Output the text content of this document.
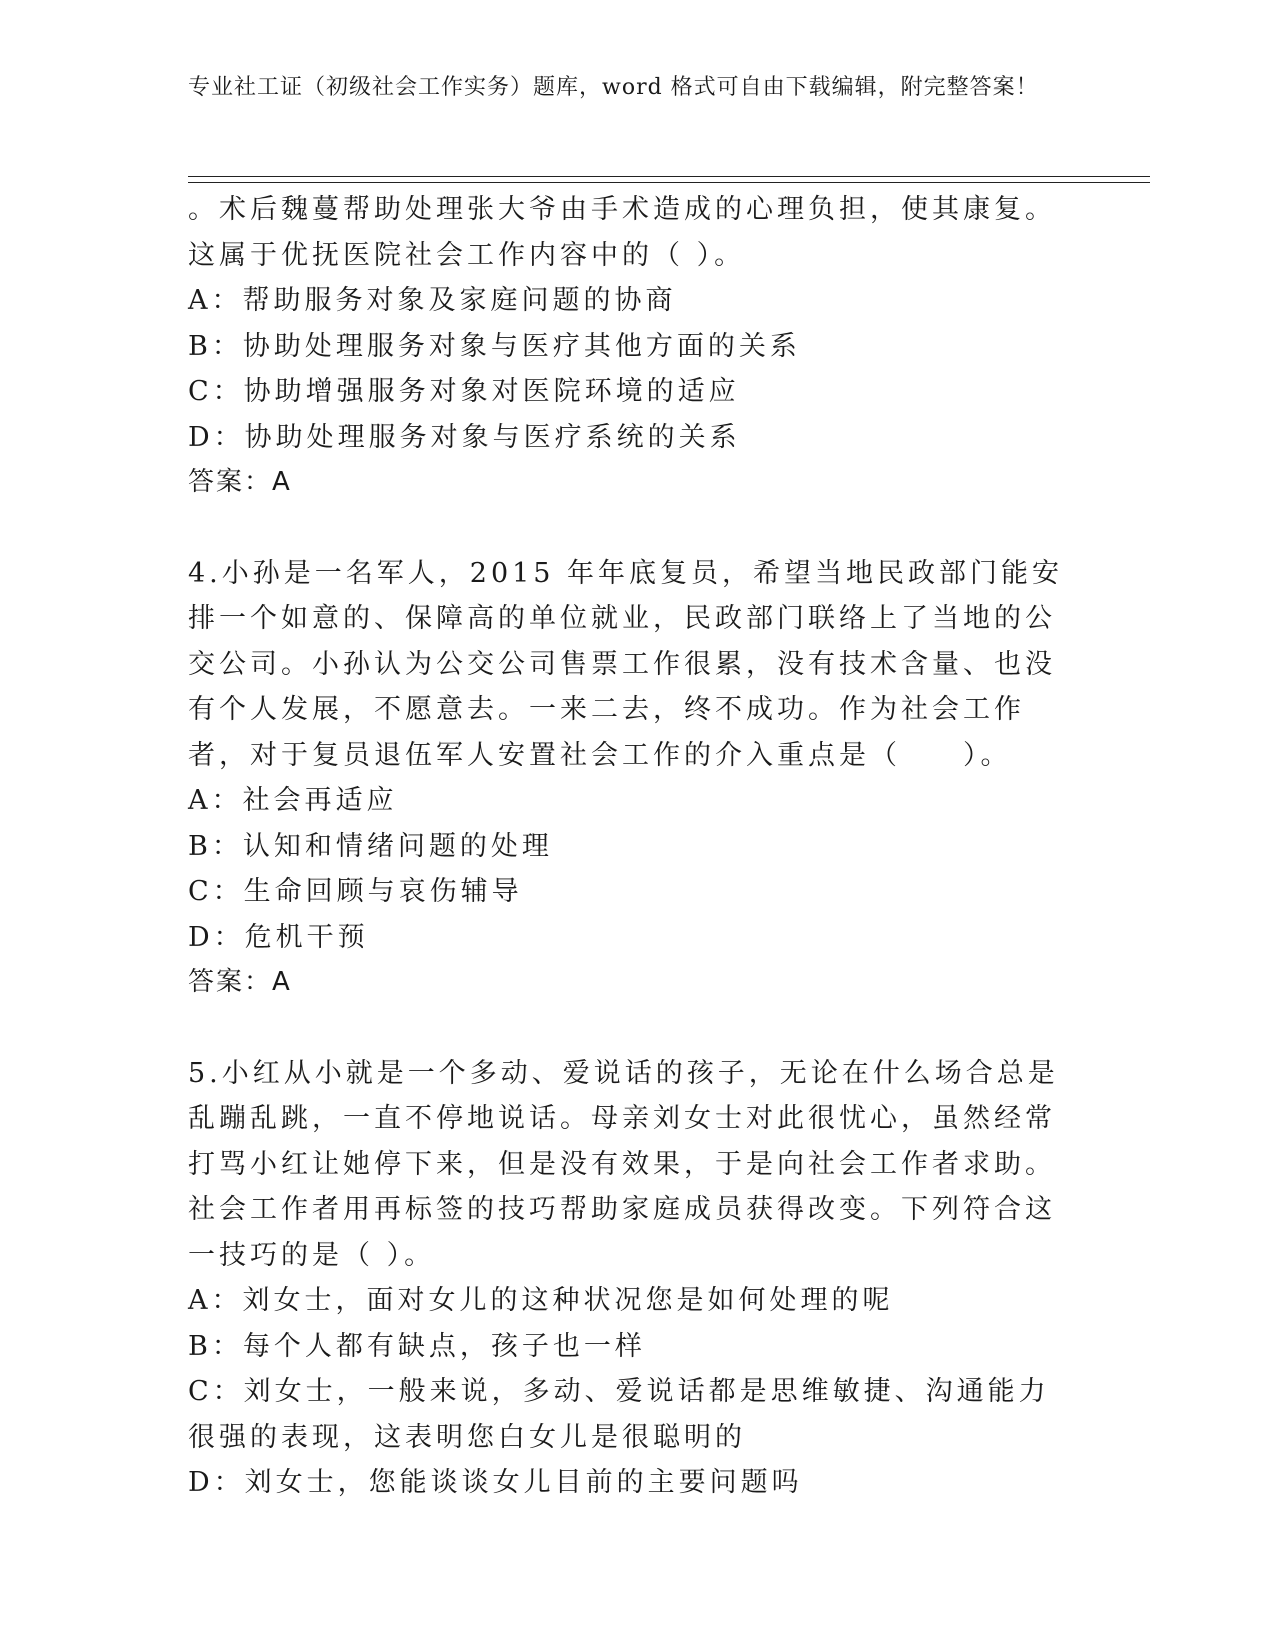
专业社工证（初级社会工作实务）题库，word 格式可自由下载编辑，附完整答案！

。术后魏蔓帮助处理张大爷由手术造成的心理负担，使其康复。这属于优抚医院社会工作内容中的（ ）。

A：帮助服务对象及家庭问题的协商

B：协助处理服务对象与医疗其他方面的关系

C：协助增强服务对象对医院环境的适应

D：协助处理服务对象与医疗系统的关系

答案：A

4.小孙是一名军人，2015 年年底复员，希望当地民政部门能安排一个如意的、保障高的单位就业，民政部门联络上了当地的公交公司。小孙认为公交公司售票工作很累，没有技术含量、也没有个人发展，不愿意去。一来二去，终不成功。作为社会工作者，对于复员退伍军人安置社会工作的介入重点是（　　）。

A：社会再适应

B：认知和情绪问题的处理

C：生命回顾与哀伤辅导

D：危机干预

答案：A

5.小红从小就是一个多动、爱说话的孩子，无论在什么场合总是乱蹦乱跳，一直不停地说话。母亲刘女士对此很忧心，虽然经常打骂小红让她停下来，但是没有效果，于是向社会工作者求助。社会工作者用再标签的技巧帮助家庭成员获得改变。下列符合这一技巧的是（ ）。

A：刘女士，面对女儿的这种状况您是如何处理的呢

B：每个人都有缺点，孩子也一样

C：刘女士，一般来说，多动、爱说话都是思维敏捷、沟通能力很强的表现，这表明您白女儿是很聪明的

D：刘女士，您能谈谈女儿目前的主要问题吗
